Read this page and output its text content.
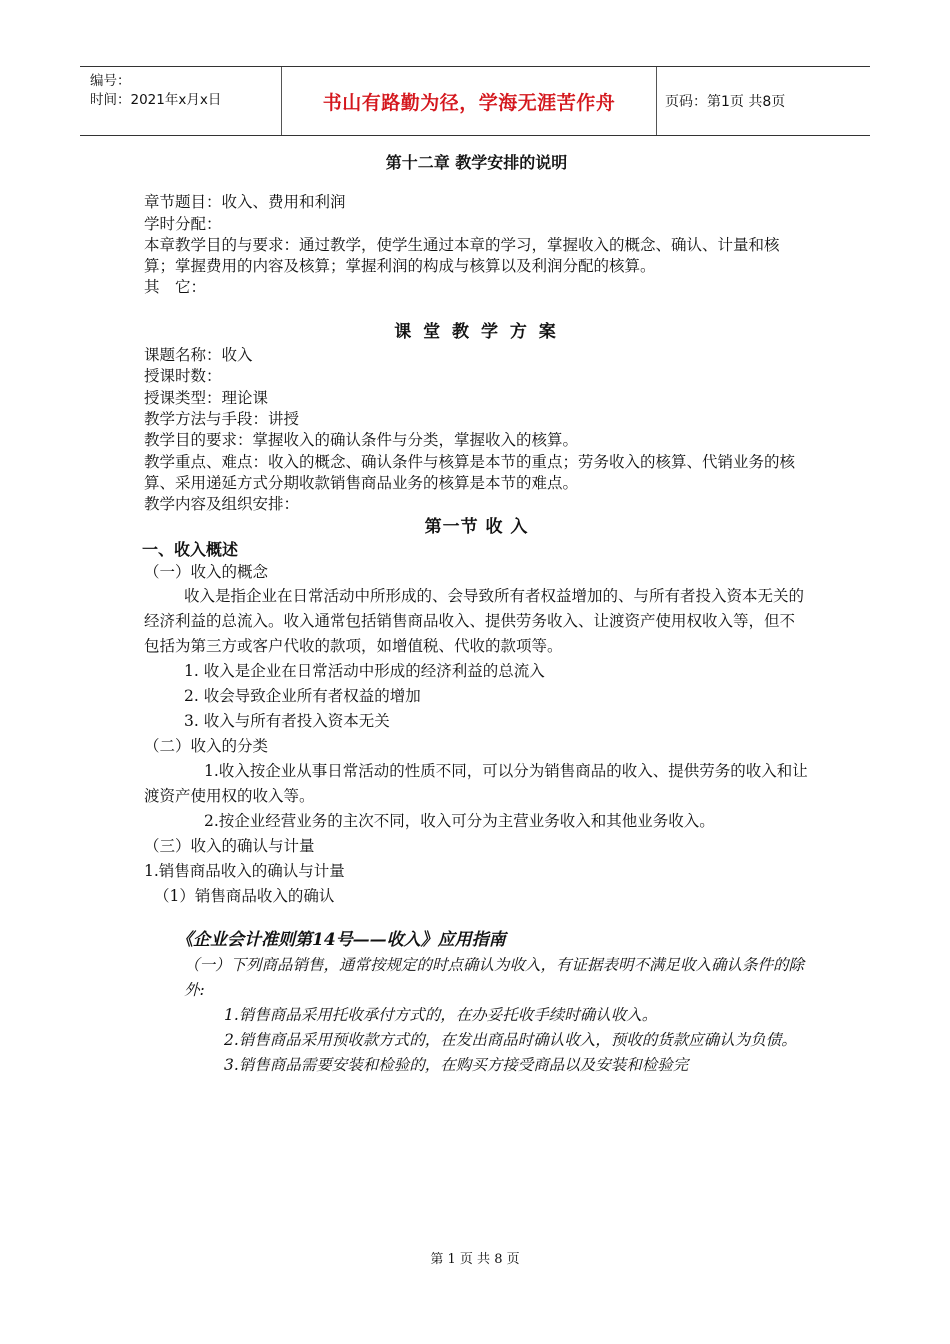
编号：
时间：2021年x月x日	书山有路勤为径，学海无涯苦作舟	页码：第1页 共8页
第十二章 教学安排的说明

章节题目：收入、费用和利润

学时分配：

本章教学目的与要求：通过教学，使学生通过本章的学习，掌握收入的概念、确认、计量和核算；掌握费用的内容及核算；掌握利润的构成与核算以及利润分配的核算。

其　它：

课 堂 教 学 方 案

课题名称：收入

授课时数：

授课类型：理论课

教学方法与手段：讲授

教学目的要求：掌握收入的确认条件与分类，掌握收入的核算。

教学重点、难点：收入的概念、确认条件与核算是本节的重点；劳务收入的核算、代销业务的核算、采用递延方式分期收款销售商品业务的核算是本节的难点。

教学内容及组织安排：

第一节 收 入
一、收入概述

（一）收入的概念

收入是指企业在日常活动中所形成的、会导致所有者权益增加的、与所有者投入资本无关的经济利益的总流入。收入通常包括销售商品收入、提供劳务收入、让渡资产使用权收入等，但不包括为第三方或客户代收的款项，如增值税、代收的款项等。

1. 收入是企业在日常活动中形成的经济利益的总流入

2. 收会导致企业所有者权益的增加

3. 收入与所有者投入资本无关

（二）收入的分类

1.收入按企业从事日常活动的性质不同，可以分为销售商品的收入、提供劳务的收入和让渡资产使用权的收入等。

2.按企业经营业务的主次不同，收入可分为主营业务收入和其他业务收入。

（三）收入的确认与计量

1.销售商品收入的确认与计量

（1）销售商品收入的确认

《企业会计准则第14号——收入》应用指南

（一）下列商品销售，通常按规定的时点确认为收入，有证据表明不满足收入确认条件的除外:

1.销售商品采用托收承付方式的，在办妥托收手续时确认收入。

2.销售商品采用预收款方式的，在发出商品时确认收入，预收的货款应确认为负债。

3.销售商品需要安装和检验的，在购买方接受商品以及安装和检验完

第 1 页 共 8 页
